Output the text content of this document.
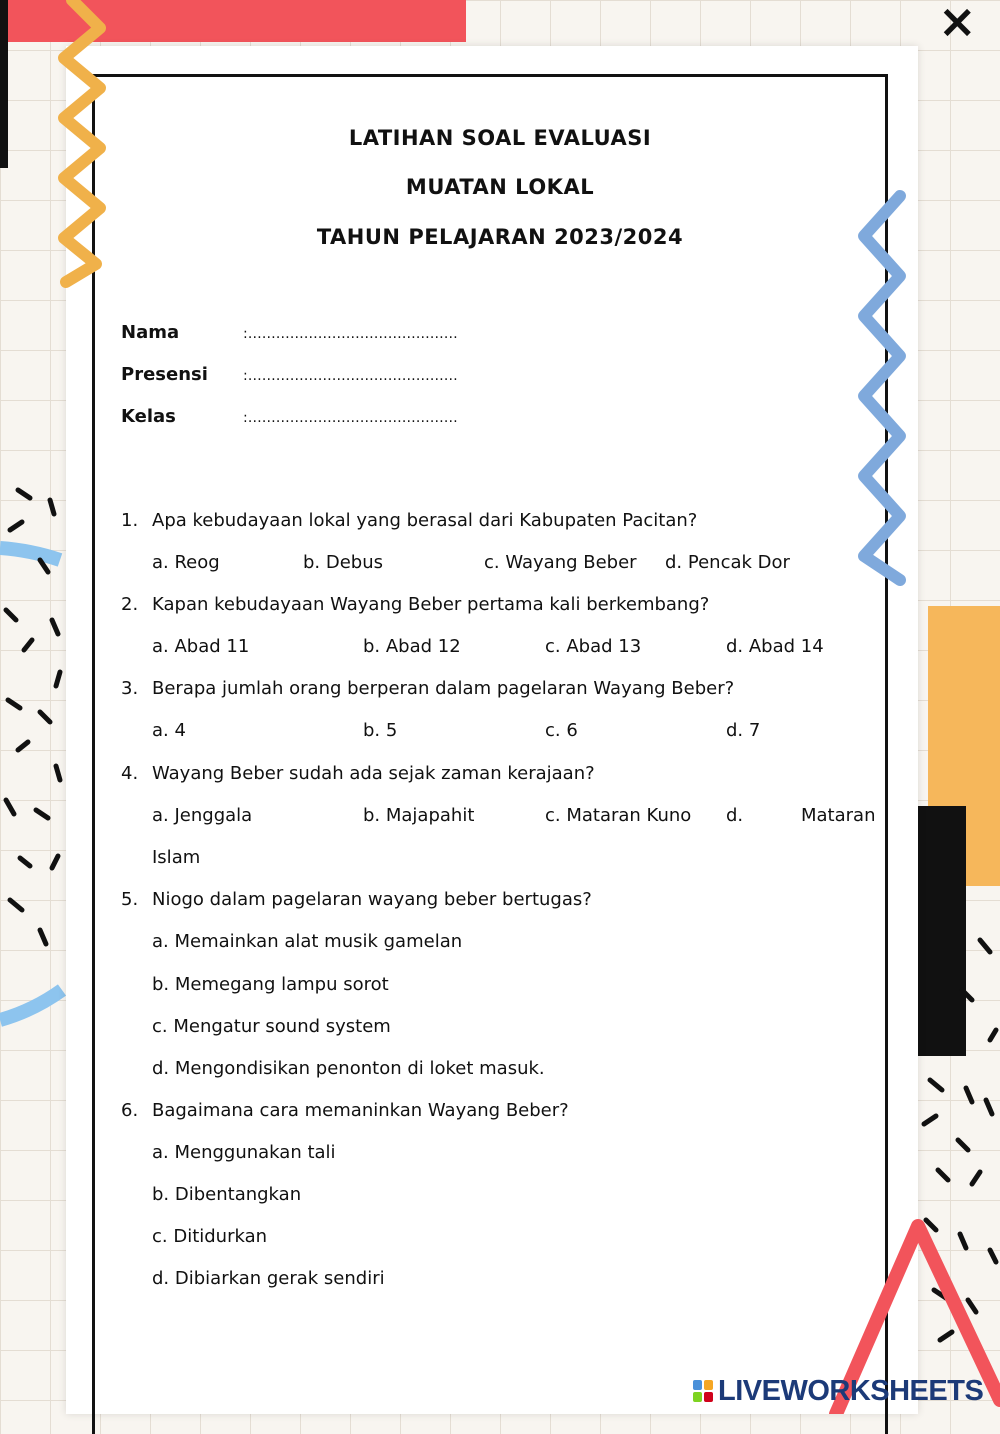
×
LATIHAN SOAL EVALUASI
MUATAN LOKAL
TAHUN PELAJARAN 2023/2024
Nama	:………………………………………
Presensi	:………………………………………
Kelas	:………………………………………
1. Apa kebudayaan lokal yang berasal dari Kabupaten Pacitan?
a. Reog	b. Debus	c. Wayang Beber d. Pencak Dor
2. Kapan kebudayaan Wayang Beber pertama kali berkembang?
a. Abad 11	b. Abad 12	c. Abad 13	d. Abad 14
3. Berapa jumlah orang berperan dalam pagelaran Wayang Beber?
a. 4	b. 5	c. 6	d. 7
4. Wayang Beber sudah ada sejak zaman kerajaan?
a. Jenggala	b. Majapahit	c. Mataran Kuno d.	Mataran
Islam
5. Niogo dalam pagelaran wayang beber bertugas?
a. Memainkan alat musik gamelan
b. Memegang lampu sorot
c. Mengatur sound system
d. Mengondisikan penonton di loket masuk.
6. Bagaimana cara memaninkan Wayang Beber?
a. Menggunakan tali
b. Dibentangkan
c. Ditidurkan
d. Dibiarkan gerak sendiri
LIVEWORKSHEETS
